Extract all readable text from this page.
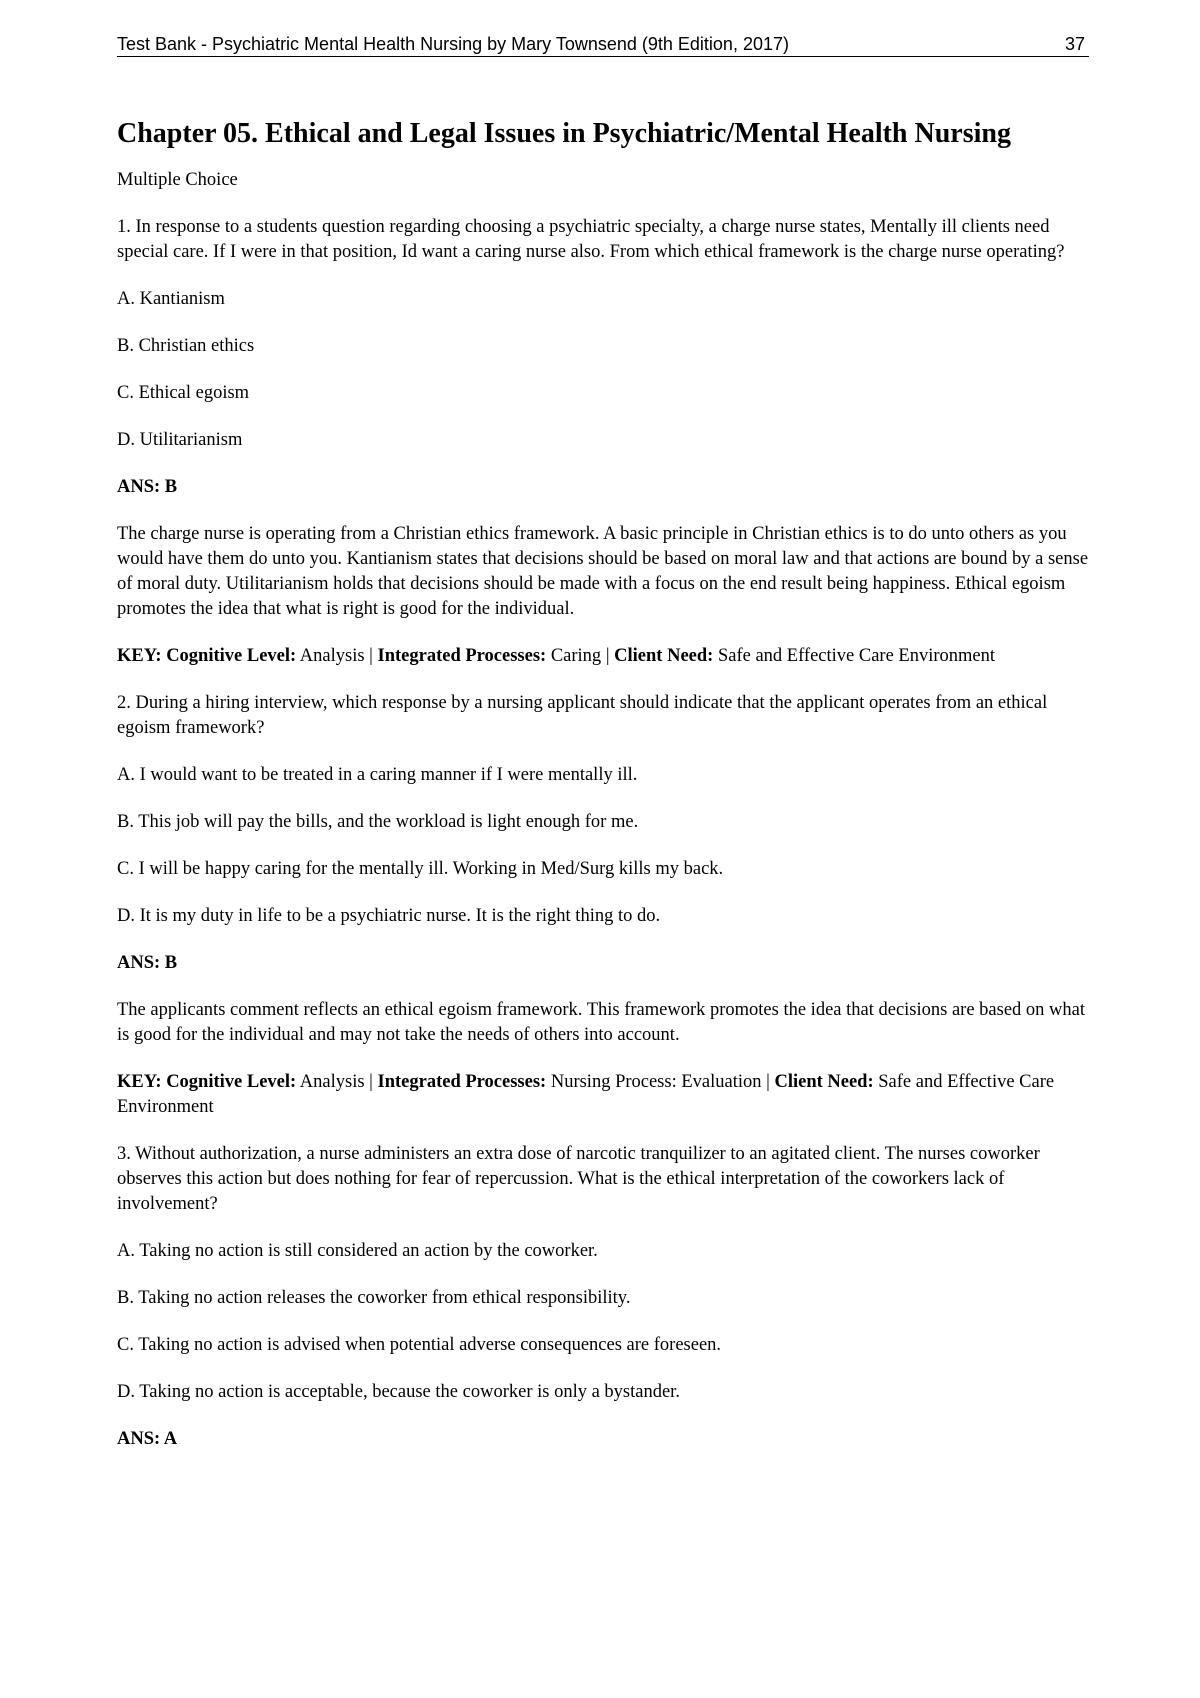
Test Bank - Psychiatric Mental Health Nursing by Mary Townsend (9th Edition, 2017)	37
Chapter 05. Ethical and Legal Issues in Psychiatric/Mental Health Nursing

Multiple Choice

1. In response to a students question regarding choosing a psychiatric specialty, a charge nurse states, Mentally ill clients need special care. If I were in that position, Id want a caring nurse also. From which ethical framework is the charge nurse operating?

A. Kantianism

B. Christian ethics

C. Ethical egoism

D. Utilitarianism

ANS: B

The charge nurse is operating from a Christian ethics framework. A basic principle in Christian ethics is to do unto others as you would have them do unto you. Kantianism states that decisions should be based on moral law and that actions are bound by a sense of moral duty. Utilitarianism holds that decisions should be made with a focus on the end result being happiness. Ethical egoism promotes the idea that what is right is good for the individual.

KEY: Cognitive Level: Analysis | Integrated Processes: Caring | Client Need: Safe and Effective Care Environment

2. During a hiring interview, which response by a nursing applicant should indicate that the applicant operates from an ethical egoism framework?

A. I would want to be treated in a caring manner if I were mentally ill.

B. This job will pay the bills, and the workload is light enough for me.

C. I will be happy caring for the mentally ill. Working in Med/Surg kills my back.

D. It is my duty in life to be a psychiatric nurse. It is the right thing to do.

ANS: B

The applicants comment reflects an ethical egoism framework. This framework promotes the idea that decisions are based on what is good for the individual and may not take the needs of others into account.

KEY: Cognitive Level: Analysis | Integrated Processes: Nursing Process: Evaluation | Client Need: Safe and Effective Care Environment

3. Without authorization, a nurse administers an extra dose of narcotic tranquilizer to an agitated client. The nurses coworker observes this action but does nothing for fear of repercussion. What is the ethical interpretation of the coworkers lack of involvement?

A. Taking no action is still considered an action by the coworker.

B. Taking no action releases the coworker from ethical responsibility.

C. Taking no action is advised when potential adverse consequences are foreseen.

D. Taking no action is acceptable, because the coworker is only a bystander.

ANS: A
